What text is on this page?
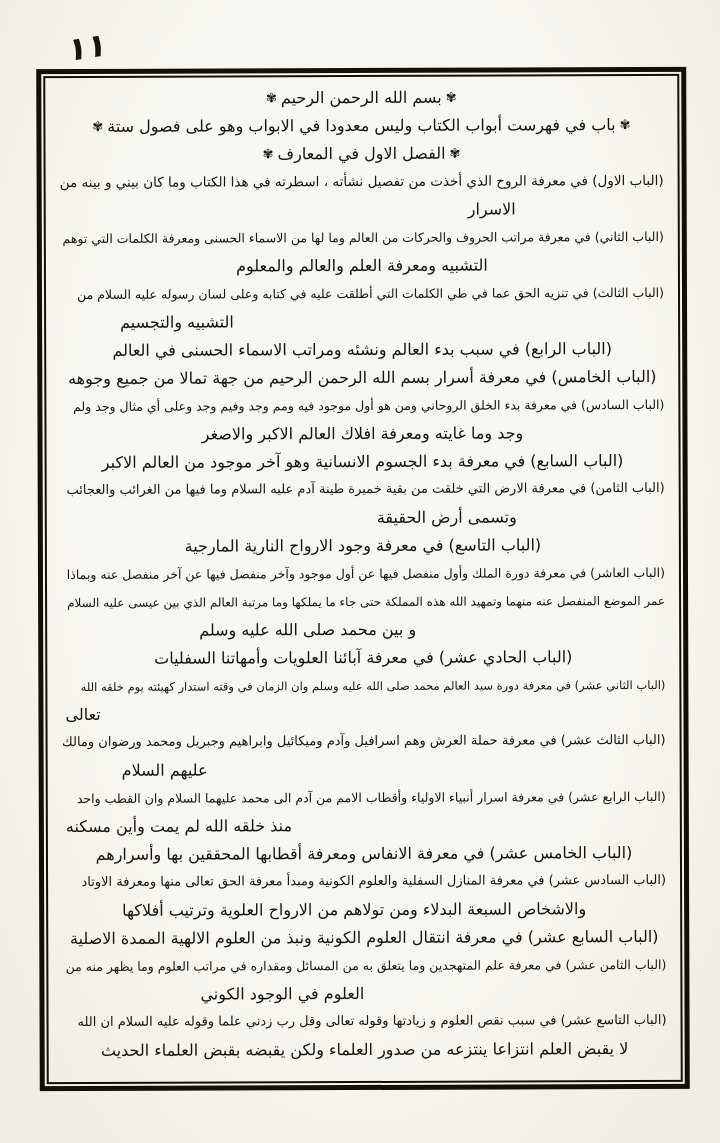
١١
✾بسم الله الرحمن الرحيم✾
✾باب في فهرست أبواب الكتاب وليس معدودا في الابواب وهو على فصول ستة✾
✾الفصل الاول في المعارف✾
(الباب الاول) في معرفة الروح الذي أخذت من تفصيل نشأته ، اسطرته في هذا الكتاب وما كان بيني و بينه من
الاسرار
(الباب الثاني) في معرفة مراتب الحروف والحركات من العالم وما لها من الاسماء الحسنى ومعرفة الكلمات التي توهم
التشبيه ومعرفة العلم والعالم والمعلوم
(الباب الثالث) في تنزيه الحق عما في طي الكلمات التي أطلقت عليه في كتابه وعلى لسان رسوله عليه السلام من
التشبيه والتجسيم
(الباب الرابع) في سبب بدء العالم ونشئه ومراتب الاسماء الحسنى في العالم
(الباب الخامس) في معرفة أسرار بسم الله الرحمن الرحيم من جهة تمالا من جميع وجوهه
(الباب السادس) في معرفة بدء الخلق الروحاني ومن هو أول موجود فيه ومم وجد وفيم وجد وعلى أي مثال وجد ولم
وجد وما غايته ومعرفة افلاك العالم الاكبر والاصغر
(الباب السابع) في معرفة بدء الجسوم الانسانية وهو آخر موجود من العالم الاكبر
(الباب الثامن) في معرفة الارض التي خلقت من بقية خميرة طينة آدم عليه السلام وما فيها من الغرائب والعجائب
وتسمى أرض الحقيقة
(الباب التاسع) في معرفة وجود الارواح النارية المارجية
(الباب العاشر) في معرفة دورة الملك وأول منفصل فيها عن أول موجود وآخر منفصل فيها عن آخر منفصل عنه وبماذا
عمر الموضع المنفصل عنه منهما وتمهيد الله هذه المملكة حتى جاء ما يملكها وما مرتبة العالم الذي بين عيسى عليه السلام
و بين محمد صلى الله عليه وسلم
(الباب الحادي عشر) في معرفة آبائنا العلويات وأمهاتنا السفليات
(الباب الثاني عشر) في معرفة دورة سيد العالم محمد صلى الله عليه وسلم وان الزمان في وقته استدار كهيئته يوم خلقه الله
تعالى
(الباب الثالث عشر) في معرفة حملة العرش وهم اسرافيل وآدم وميكائيل وابراهيم وجبريل ومحمد ورضوان ومالك
عليهم السلام
(الباب الرابع عشر) في معرفة اسرار أنبياء الاولياء وأقطاب الامم من آدم الى محمد عليهما السلام وان القطب واحد
منذ خلقه الله لم يمت وأين مسكنه
(الباب الخامس عشر) في معرفة الانفاس ومعرفة أقطابها المحققين بها وأسرارهم
(الباب السادس عشر) في معرفة المنازل السفلية والعلوم الكونية ومبدأ معرفة الحق تعالى منها ومعرفة الاوتاد
والاشخاص السبعة البدلاء ومن تولاهم من الارواح العلوية وترتيب أفلاكها
(الباب السابع عشر) في معرفة انتقال العلوم الكونية ونبذ من العلوم الالهية الممدة الاصلية
(الباب الثامن عشر) في معرفة علم المتهجدين وما يتعلق به من المسائل ومقداره في مراتب العلوم وما يظهر منه من
العلوم في الوجود الكوني
(الباب التاسع عشر) في سبب نقص العلوم و زيادتها وقوله تعالى وقل رب زدني علما وقوله عليه السلام ان الله
لا يقبض العلم انتزاعا ينتزعه من صدور العلماء ولكن يقبضه بقبض العلماء الحديث
